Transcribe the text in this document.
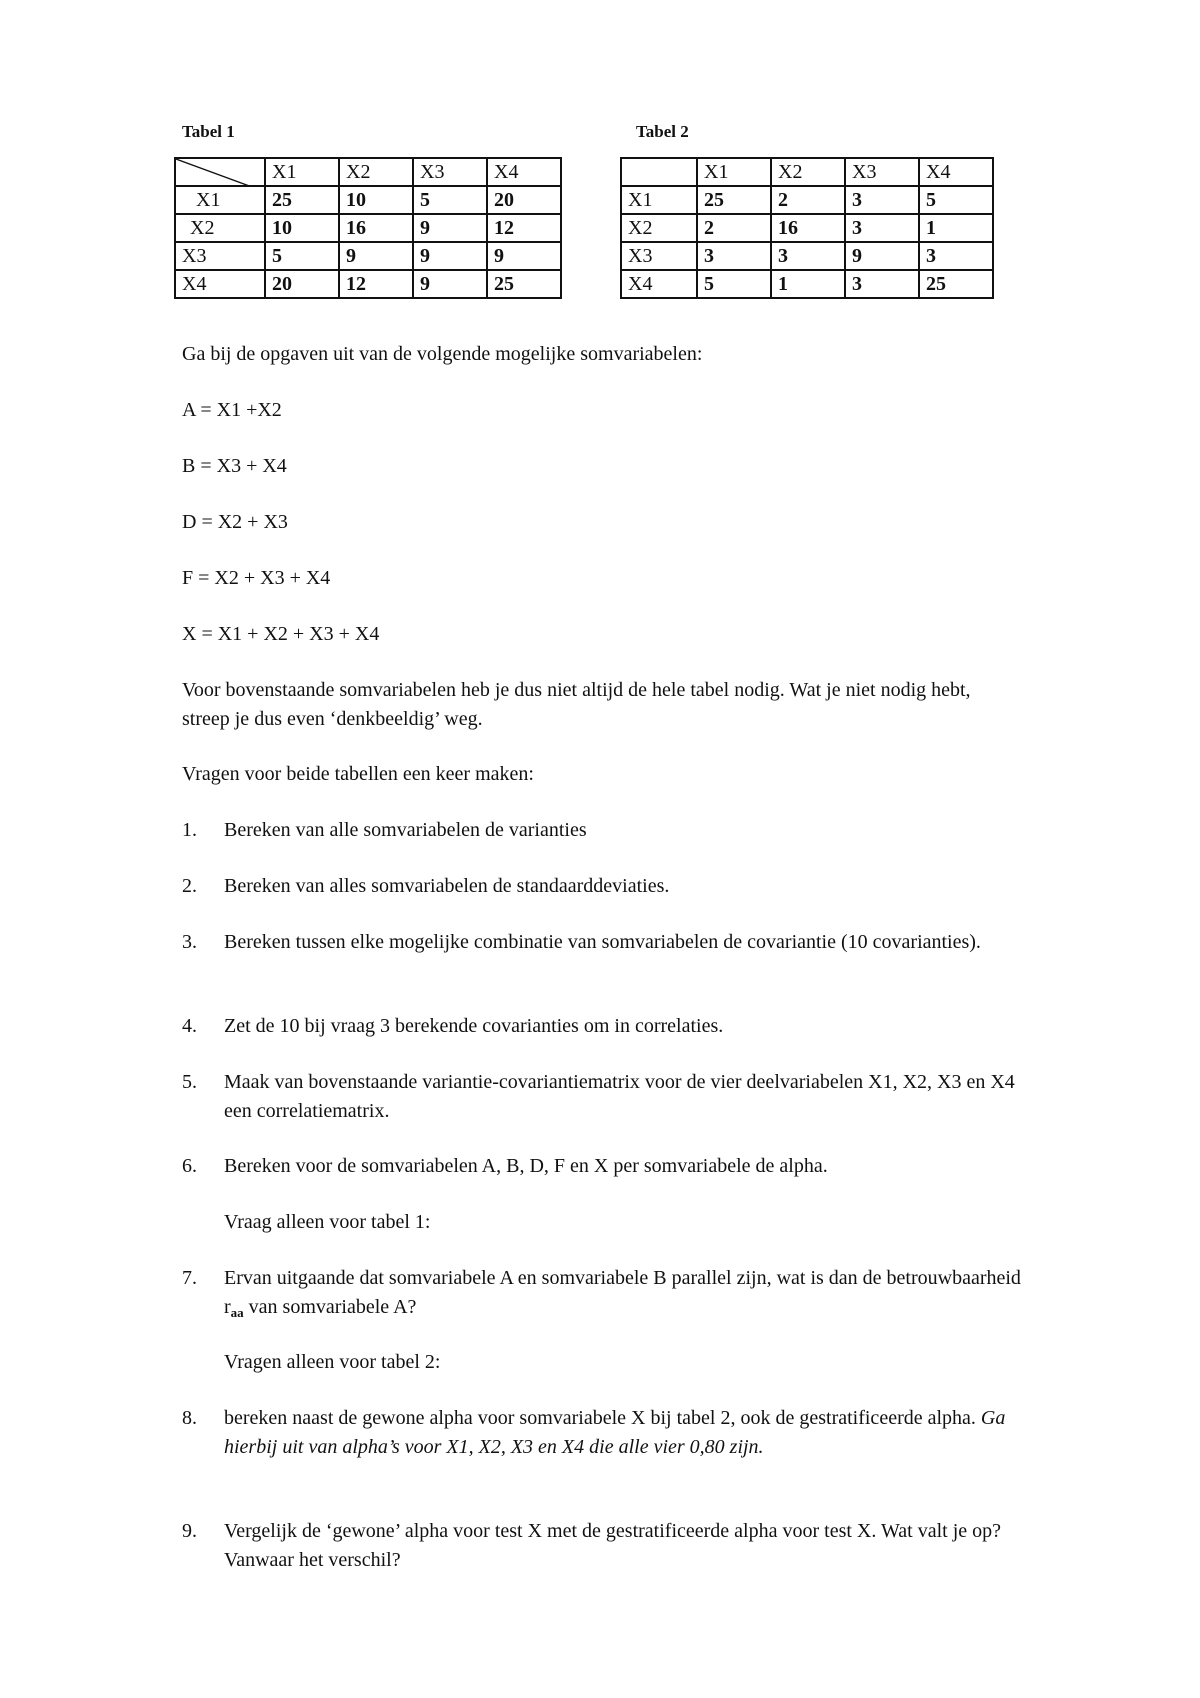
Tabel 1	Tabel 2
	X1	X2	X3	X4
X1	25	10	5	20
X2	10	16	9	12
X3	5	9	9	9
X4	20	12	9	25
	X1	X2	X3	X4
X1	25	2	3	5
X2	2	16	3	1
X3	3	3	9	3
X4	5	1	3	25

Ga bij de opgaven uit van de volgende mogelijke somvariabelen:

A = X1 +X2

B = X3 + X4

D = X2 + X3

F = X2 + X3 + X4

X = X1 + X2 + X3 + X4

Voor bovenstaande somvariabelen heb je dus niet altijd de hele tabel nodig. Wat je niet nodig hebt, streep je dus even ‘denkbeeldig’ weg.

Vragen voor beide tabellen een keer maken:

1. Bereken van alle somvariabelen de varianties
2. Bereken van alles somvariabelen de standaarddeviaties.
3. Bereken tussen elke mogelijke combinatie van somvariabelen de covariantie (10 covarianties).
4. Zet de 10 bij vraag 3 berekende covarianties om in correlaties.
5. Maak van bovenstaande variantie-covariantiematrix voor de vier deelvariabelen X1, X2, X3 en X4 een correlatiematrix.
6. Bereken voor de somvariabelen A, B, D, F en X per somvariabele de alpha.

Vraag alleen voor tabel 1:

7. Ervan uitgaande dat somvariabele A en somvariabele B parallel zijn, wat is dan de betrouwbaarheid $r_{aa}$ van somvariabele A?

Vragen alleen voor tabel 2:

8. bereken naast de gewone alpha voor somvariabele X bij tabel 2, ook de gestratificeerde alpha. Ga hierbij uit van alpha’s voor X1, X2, X3 en X4 die alle vier 0,80 zijn.
9. Vergelijk de ‘gewone’ alpha voor test X met de gestratificeerde alpha voor test X. Wat valt je op? Vanwaar het verschil?
